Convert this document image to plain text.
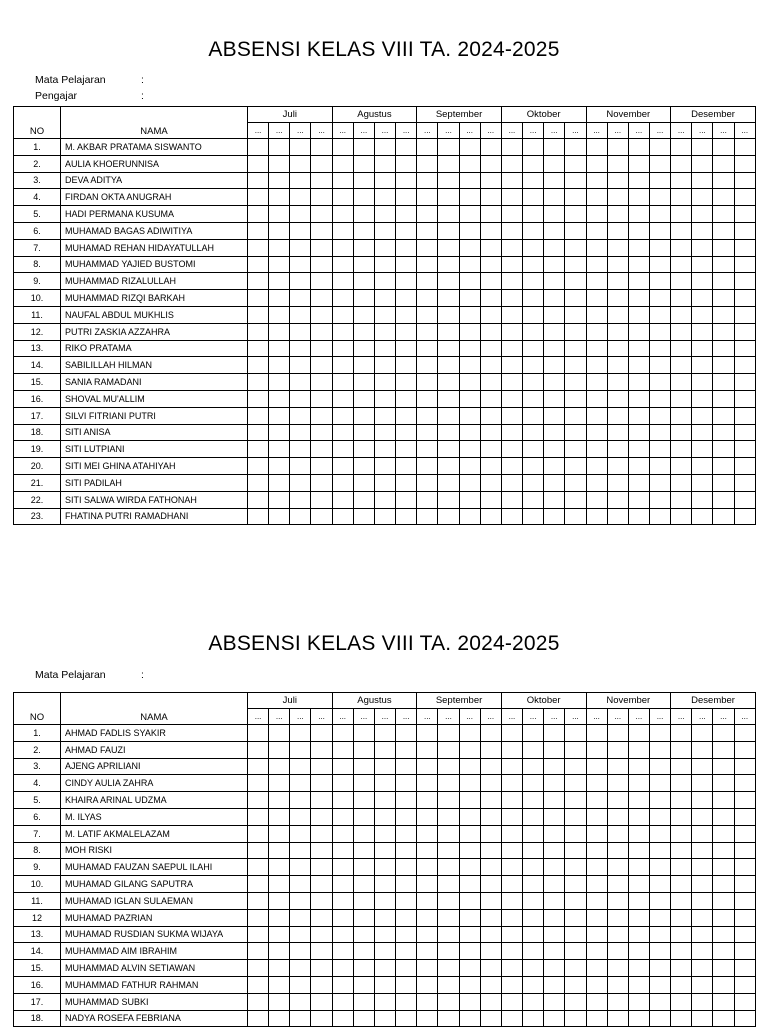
ABSENSI KELAS VIII TA. 2024-2025
Mata Pelajaran	:
Pengajar	:
NO	NAMA	Juli				Agustus				September				Oktober				November				Desember			
		...	...	...	...	...	...	...	...	...	...	...	...	...	...	...	...	...	...	...	...	...	...	...	...
1.	M. AKBAR PRATAMA SISWANTO																								
2.	AULIA KHOERUNNISA																								
3.	DEVA ADITYA																								
4.	FIRDAN OKTA ANUGRAH																								
5.	HADI PERMANA KUSUMA																								
6.	MUHAMAD BAGAS ADIWITIYA																								
7.	MUHAMAD REHAN HIDAYATULLAH																								
8.	MUHAMMAD YAJIED BUSTOMI																								
9.	MUHAMMAD RIZALULLAH																								
10.	MUHAMMAD RIZQI BARKAH																								
11.	NAUFAL ABDUL MUKHLIS																								
12.	PUTRI ZASKIA AZZAHRA																								
13.	RIKO PRATAMA																								
14.	SABILILLAH HILMAN																								
15.	SANIA RAMADANI																								
16.	SHOVAL MU'ALLIM																								
17.	SILVI FITRIANI PUTRI																								
18.	SITI ANISA																								
19.	SITI LUTPIANI																								
20.	SITI MEI GHINA ATAHIYAH																								
21.	SITI PADILAH																								
22.	SITI SALWA WIRDA FATHONAH																								
23.	FHATINA PUTRI RAMADHANI																								
ABSENSI KELAS VIII TA. 2024-2025
Mata Pelajaran	:
NO	NAMA	Juli				Agustus				September				Oktober				November				Desember			
		...	...	...	...	...	...	...	...	...	...	...	...	...	...	...	...	...	...	...	...	...	...	...	...
1.	AHMAD FADLIS SYAKIR																								
2.	AHMAD FAUZI																								
3.	AJENG APRILIANI																								
4.	CINDY AULIA ZAHRA																								
5.	KHAIRA ARINAL UDZMA																								
6.	M. ILYAS																								
7.	M. LATIF AKMALELAZAM																								
8.	MOH RISKI																								
9.	MUHAMAD FAUZAN SAEPUL ILAHI																								
10.	MUHAMAD GILANG SAPUTRA																								
11.	MUHAMAD IGLAN SULAEMAN																								
12	MUHAMAD PAZRIAN																								
13.	MUHAMAD RUSDIAN SUKMA WIJAYA																								
14.	MUHAMMAD AIM IBRAHIM																								
15.	MUHAMMAD ALVIN SETIAWAN																								
16.	MUHAMMAD FATHUR RAHMAN																								
17.	MUHAMMAD SUBKI																								
18.	NADYA ROSEFA FEBRIANA																								
